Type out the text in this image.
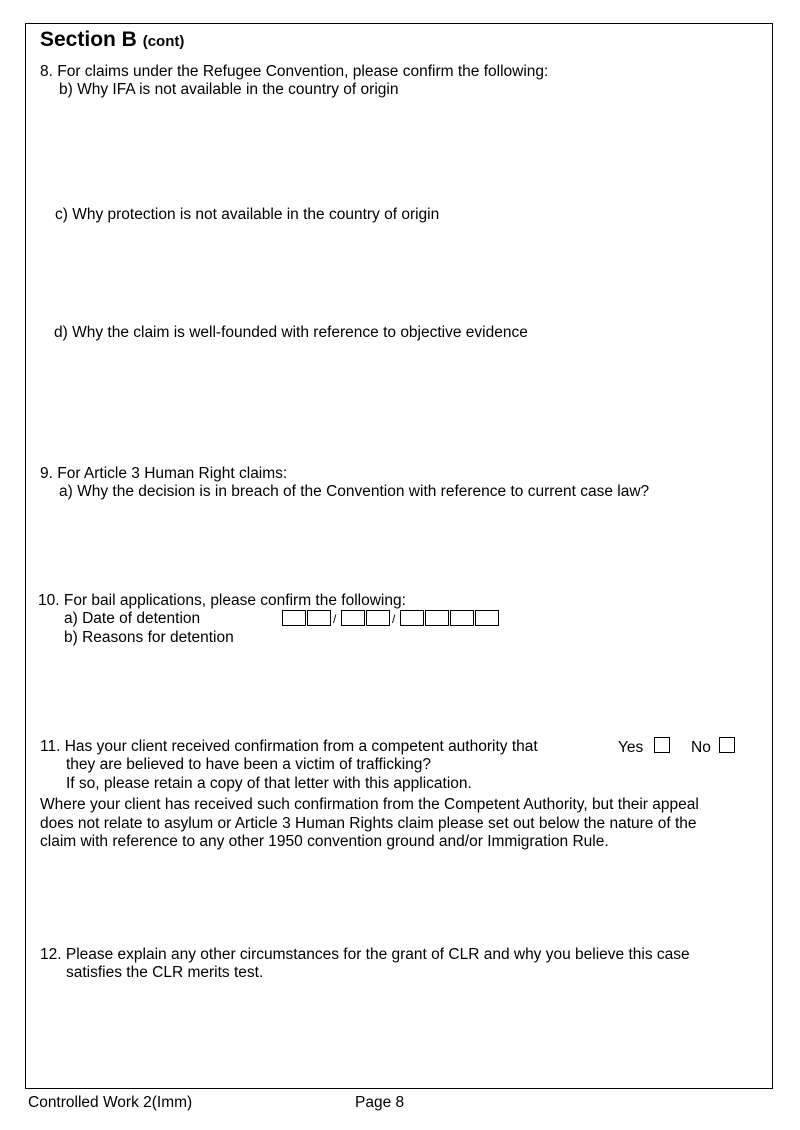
Section B (cont)
8. For claims under the Refugee Convention, please confirm the following:
b) Why IFA is not available in the country of origin
c) Why protection is not available in the country of origin
d) Why the claim is well-founded with reference to objective evidence
9. For Article 3 Human Right claims:
a) Why the decision is in breach of the Convention with reference to current case law?
10. For bail applications, please confirm the following:
a) Date of detention
b) Reasons for detention
/	/
11. Has your client received confirmation from a competent authority that
they are believed to have been a victim of trafficking?
If so, please retain a copy of that letter with this application.
Yes	No
Where your client has received such confirmation from the Competent Authority, but their appeal
does not relate to asylum or Article 3 Human Rights claim please set out below the nature of the
claim with reference to any other 1950 convention ground and/or Immigration Rule.
12. Please explain any other circumstances for the grant of CLR and why you believe this case
satisfies the CLR merits test.
Controlled Work 2(Imm)	Page 8
